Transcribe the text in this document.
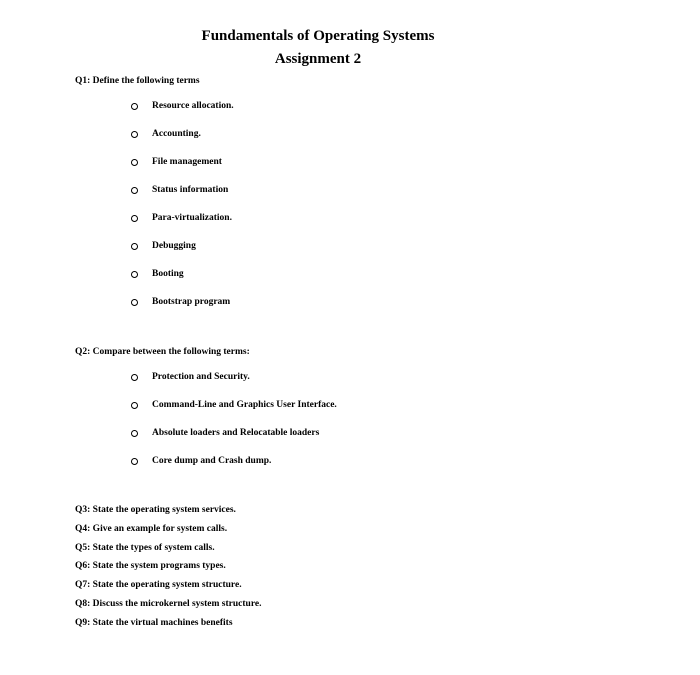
Fundamentals of Operating Systems
Assignment 2
Q1: Define the following terms
Resource allocation.
Accounting.
File management
Status information
Para-virtualization.
Debugging
Booting
Bootstrap program
Q2: Compare between the following terms:
Protection and Security.
Command-Line and Graphics User Interface.
Absolute loaders and Relocatable loaders
Core dump and Crash dump.
Q3: State the operating system services.
Q4: Give an example for system calls.
Q5: State the types of system calls.
Q6: State the system programs types.
Q7: State the operating system structure.
Q8: Discuss the microkernel system structure.
Q9: State the virtual machines benefits
